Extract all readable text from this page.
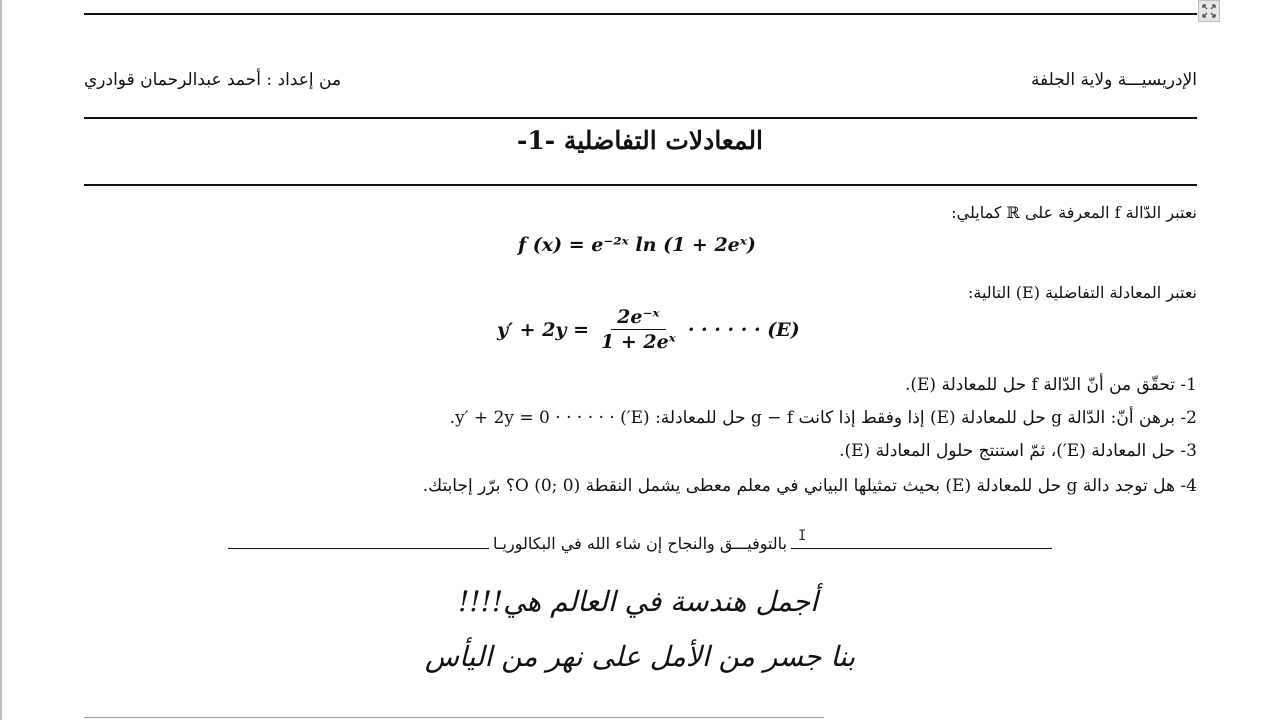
من إعداد : أحمد عبدالرحمان قوادري	الإدريسيـــة ولاية الجلفة
المعادلات التفاضلية -1-
نعتبر الدّالة f المعرفة على ℝ كمايلي:
f (x) = e⁻²ˣ ln (1 + 2eˣ)
نعتبر المعادلة التفاضلية (E) التالية:
$y' + 2y = \frac{\text{2e⁻ˣ}}{\text{1 + 2eˣ}}$ · · · · · · (E)
1- تحقّق من أنّ الدّالة f حل للمعادلة (E).
2- برهن أنّ: الدّالة g حل للمعادلة (E) إذا وفقط إذا كانت g − f حل للمعادلة: (E′) · · · · · · y′ + 2y = 0.
3- حل المعادلة (E′)، ثمّ استنتج حلول المعادلة (E).
4- هل توجد دالة g حل للمعادلة (E) بحيث تمثيلها البياني في معلم معطى يشمل النقطة O (0; 0)؟ برّر إجابتك.
بالتوفيـــق والنجاح إن شاء الله في البكالوريـا I
أجمل هندسة في العالم هي!!!!
بنا جسر من الأمل على نهر من اليأس
